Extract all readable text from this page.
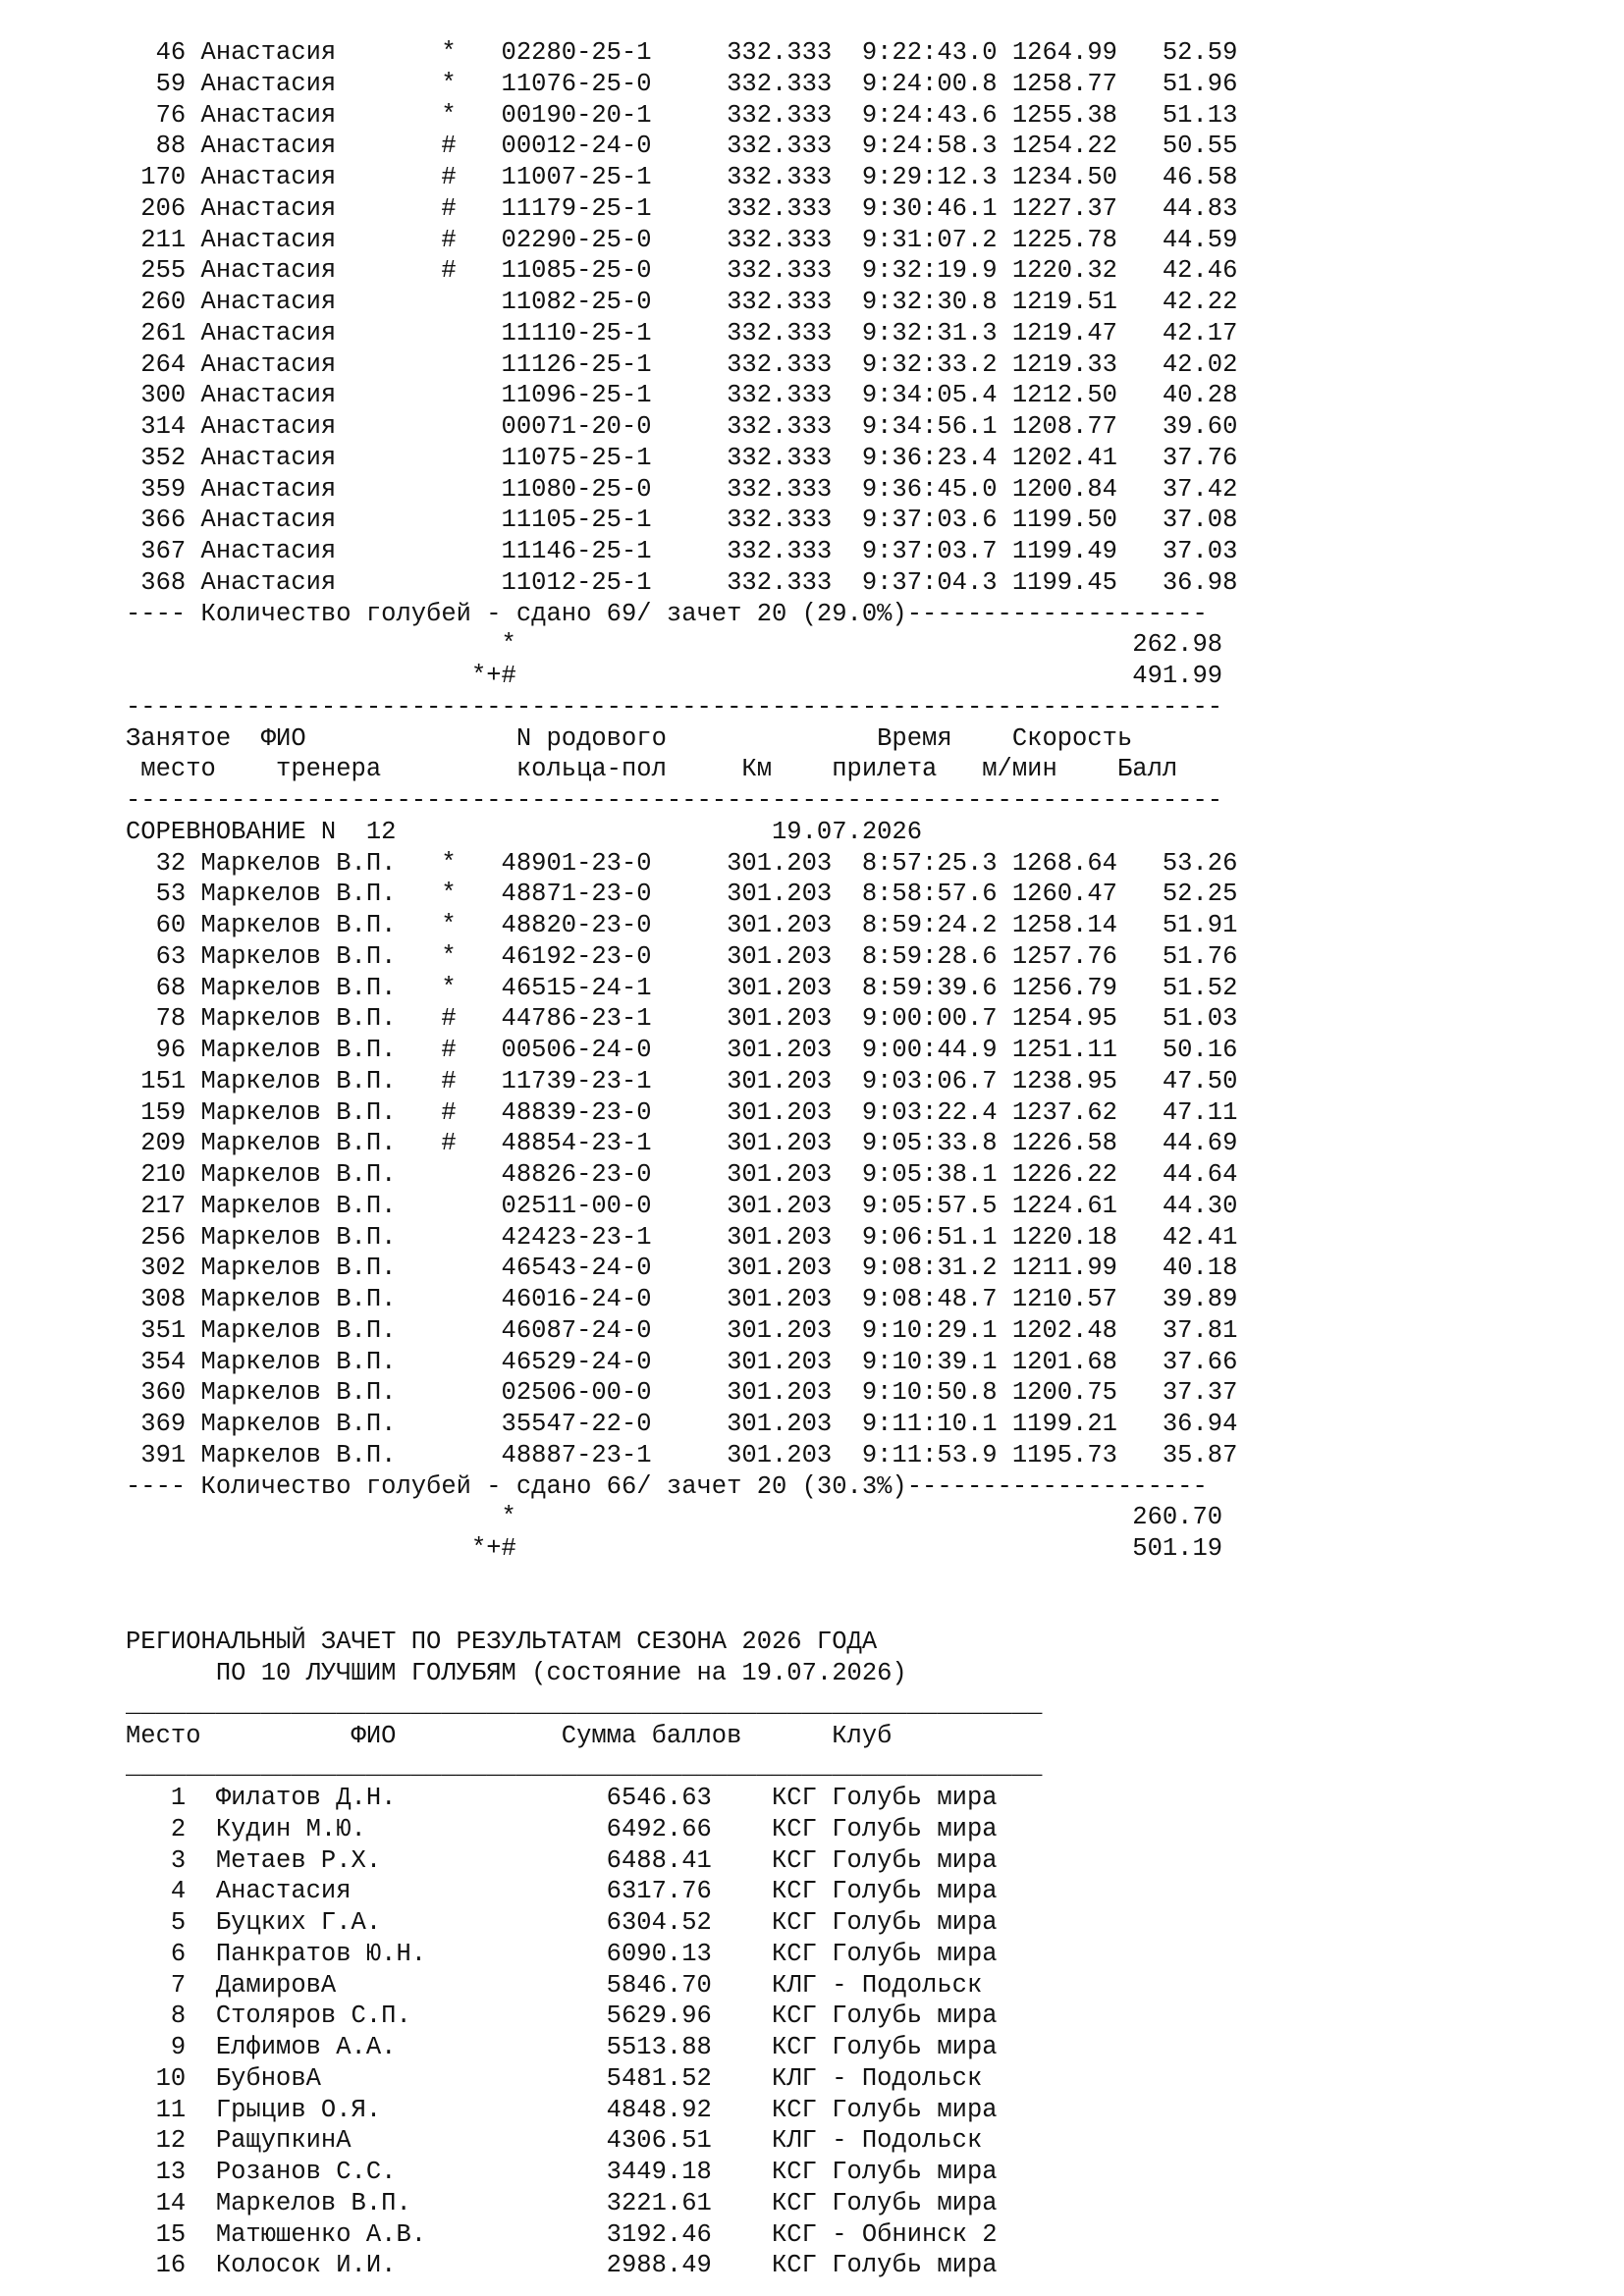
46 Анастасия       *   02280-25-1     332.333  9:22:43.0 1264.99   52.59
59 Анастасия       *   11076-25-0     332.333  9:24:00.8 1258.77   51.96
76 Анастасия       *   00190-20-1     332.333  9:24:43.6 1255.38   51.13
88 Анастасия       #   00012-24-0     332.333  9:24:58.3 1254.22   50.55
170 Анастасия       #   11007-25-1     332.333  9:29:12.3 1234.50   46.58
206 Анастасия       #   11179-25-1     332.333  9:30:46.1 1227.37   44.83
211 Анастасия       #   02290-25-0     332.333  9:31:07.2 1225.78   44.59
255 Анастасия       #   11085-25-0     332.333  9:32:19.9 1220.32   42.46
260 Анастасия           11082-25-0     332.333  9:32:30.8 1219.51   42.22
261 Анастасия           11110-25-1     332.333  9:32:31.3 1219.47   42.17
264 Анастасия           11126-25-1     332.333  9:32:33.2 1219.33   42.02
300 Анастасия           11096-25-1     332.333  9:34:05.4 1212.50   40.28
314 Анастасия           00071-20-0     332.333  9:34:56.1 1208.77   39.60
352 Анастасия           11075-25-1     332.333  9:36:23.4 1202.41   37.76
359 Анастасия           11080-25-0     332.333  9:36:45.0 1200.84   37.42
366 Анастасия           11105-25-1     332.333  9:37:03.6 1199.50   37.08
367 Анастасия           11146-25-1     332.333  9:37:03.7 1199.49   37.03
368 Анастасия           11012-25-1     332.333  9:37:04.3 1199.45   36.98
---- Количество голубей - сдано 69/ зачет 20 (29.0%)--------------------
*                                         262.98
*+#                                         491.99
-------------------------------------------------------------------------
Занятое  ФИО              N родового              Время    Скорость
место    тренера         кольца-пол     Км    прилета   м/мин    Балл
-------------------------------------------------------------------------
СОРЕВНОВАНИЕ N  12                         19.07.2026
32 Маркелов В.П.   *   48901-23-0     301.203  8:57:25.3 1268.64   53.26
53 Маркелов В.П.   *   48871-23-0     301.203  8:58:57.6 1260.47   52.25
60 Маркелов В.П.   *   48820-23-0     301.203  8:59:24.2 1258.14   51.91
63 Маркелов В.П.   *   46192-23-0     301.203  8:59:28.6 1257.76   51.76
68 Маркелов В.П.   *   46515-24-1     301.203  8:59:39.6 1256.79   51.52
78 Маркелов В.П.   #   44786-23-1     301.203  9:00:00.7 1254.95   51.03
96 Маркелов В.П.   #   00506-24-0     301.203  9:00:44.9 1251.11   50.16
151 Маркелов В.П.   #   11739-23-1     301.203  9:03:06.7 1238.95   47.50
159 Маркелов В.П.   #   48839-23-0     301.203  9:03:22.4 1237.62   47.11
209 Маркелов В.П.   #   48854-23-1     301.203  9:05:33.8 1226.58   44.69
210 Маркелов В.П.       48826-23-0     301.203  9:05:38.1 1226.22   44.64
217 Маркелов В.П.       02511-00-0     301.203  9:05:57.5 1224.61   44.30
256 Маркелов В.П.       42423-23-1     301.203  9:06:51.1 1220.18   42.41
302 Маркелов В.П.       46543-24-0     301.203  9:08:31.2 1211.99   40.18
308 Маркелов В.П.       46016-24-0     301.203  9:08:48.7 1210.57   39.89
351 Маркелов В.П.       46087-24-0     301.203  9:10:29.1 1202.48   37.81
354 Маркелов В.П.       46529-24-0     301.203  9:10:39.1 1201.68   37.66
360 Маркелов В.П.       02506-00-0     301.203  9:10:50.8 1200.75   37.37
369 Маркелов В.П.       35547-22-0     301.203  9:11:10.1 1199.21   36.94
391 Маркелов В.П.       48887-23-1     301.203  9:11:53.9 1195.73   35.87
---- Количество голубей - сдано 66/ зачет 20 (30.3%)--------------------
*                                         260.70
*+#                                         501.19

РЕГИОНАЛЬНЫЙ ЗАЧЕТ ПО РЕЗУЛЬТАТАМ СЕЗОНА 2026 ГОДА
ПО 10 ЛУЧШИМ ГОЛУБЯМ (состояние на 19.07.2026)
_____________________________________________________________
Место          ФИО           Сумма баллов      Клуб
_____________________________________________________________
1  Филатов Д.Н.              6546.63    КСГ Голубь мира
2  Кудин М.Ю.                6492.66    КСГ Голубь мира
3  Метаев Р.Х.               6488.41    КСГ Голубь мира
4  Анастасия                 6317.76    КСГ Голубь мира
5  Буцких Г.А.               6304.52    КСГ Голубь мира
6  Панкратов Ю.Н.            6090.13    КСГ Голубь мира
7  ДамировА                  5846.70    КЛГ - Подольск
8  Столяров С.П.             5629.96    КСГ Голубь мира
9  Елфимов А.А.              5513.88    КСГ Голубь мира
10  БубновА                   5481.52    КЛГ - Подольск
11  Грыцив О.Я.               4848.92    КСГ Голубь мира
12  РащупкинА                 4306.51    КЛГ - Подольск
13  Розанов С.С.              3449.18    КСГ Голубь мира
14  Маркелов В.П.             3221.61    КСГ Голубь мира
15  Матюшенко А.В.            3192.46    КСГ - Обнинск 2
16  Колосок И.И.              2988.49    КСГ Голубь мира
